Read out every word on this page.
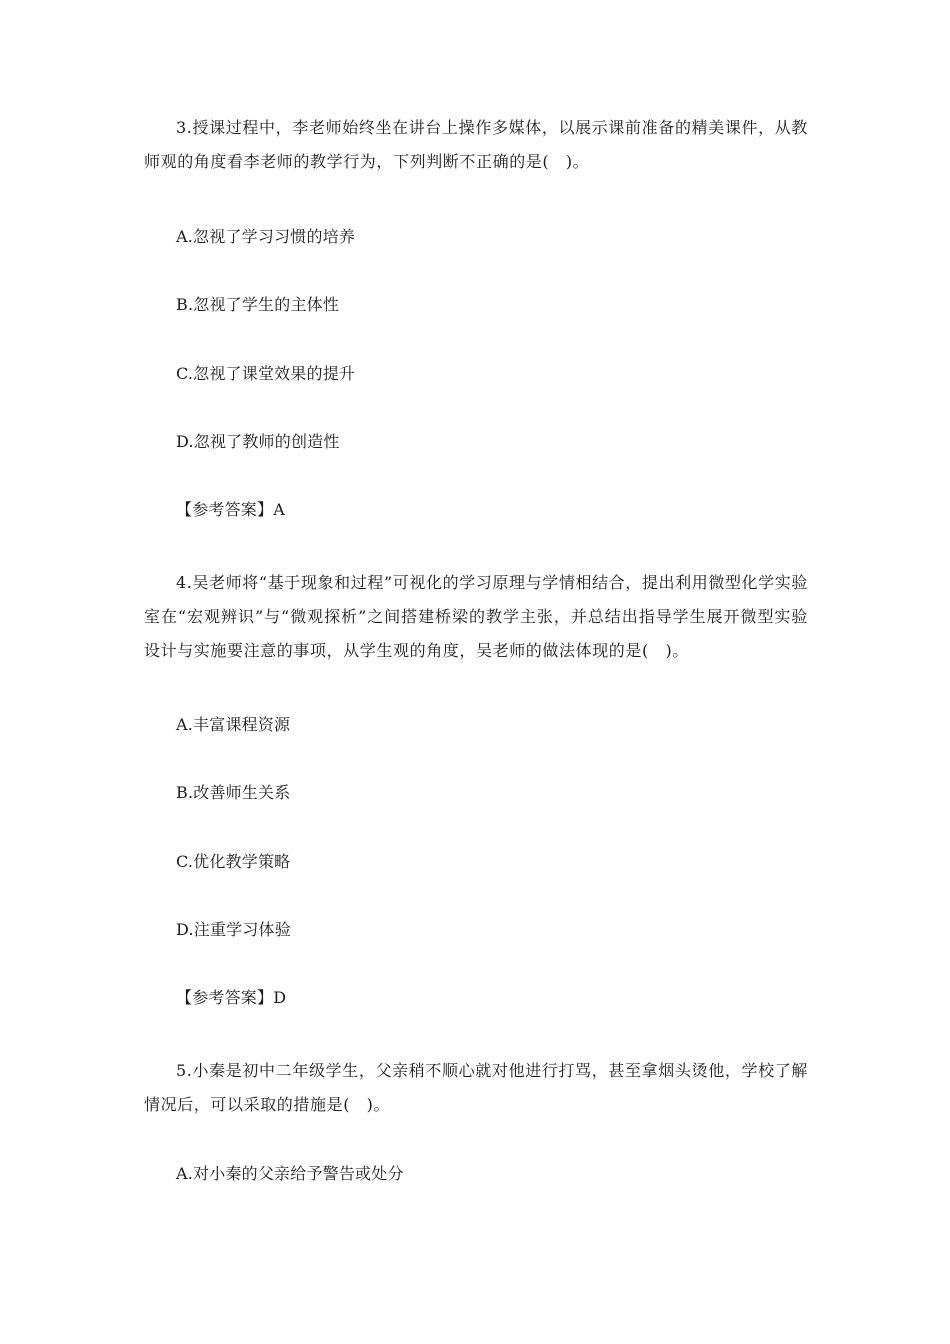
3.授课过程中，李老师始终坐在讲台上操作多媒体，以展示课前准备的精美课件，从教师观的角度看李老师的教学行为，下列判断不正确的是(　)。
A.忽视了学习习惯的培养
B.忽视了学生的主体性
C.忽视了课堂效果的提升
D.忽视了教师的创造性
【参考答案】A
4.吴老师将“基于现象和过程”可视化的学习原理与学情相结合，提出利用微型化学实验室在“宏观辨识”与“微观探析”之间搭建桥梁的教学主张，并总结出指导学生展开微型实验设计与实施要注意的事项，从学生观的角度，吴老师的做法体现的是(　)。
A.丰富课程资源
B.改善师生关系
C.优化教学策略
D.注重学习体验
【参考答案】D
5.小秦是初中二年级学生，父亲稍不顺心就对他进行打骂，甚至拿烟头烫他，学校了解情况后，可以采取的措施是(　)。
A.对小秦的父亲给予警告或处分
